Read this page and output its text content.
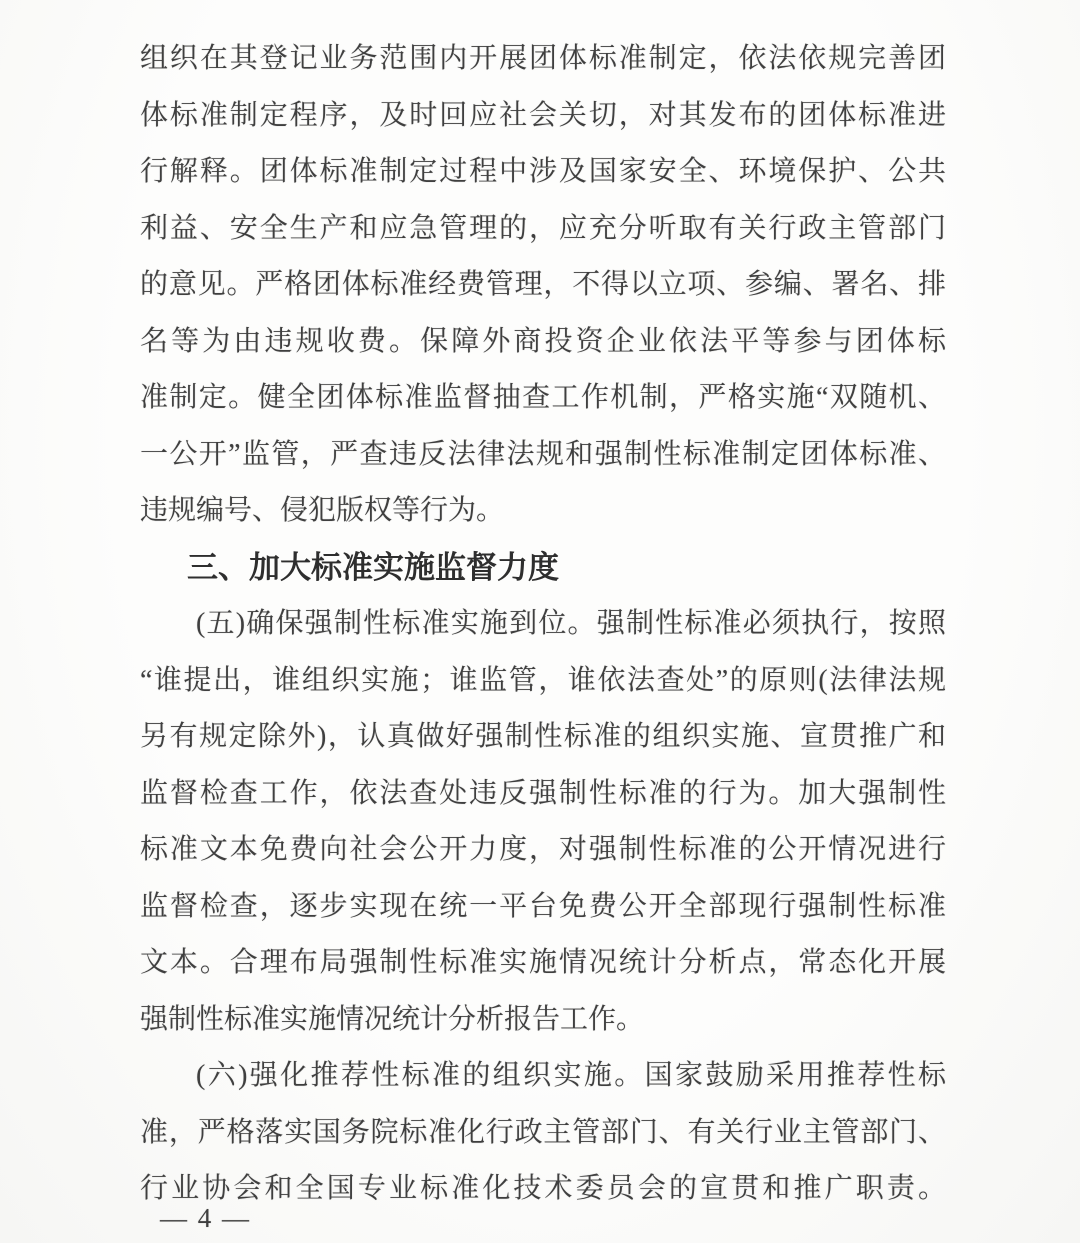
组织在其登记业务范围内开展团体标准制定，依法依规完善团
体标准制定程序，及时回应社会关切，对其发布的团体标准进
行解释。团体标准制定过程中涉及国家安全、环境保护、公共
利益、安全生产和应急管理的，应充分听取有关行政主管部门
的意见。严格团体标准经费管理，不得以立项、参编、署名、排
名等为由违规收费。保障外商投资企业依法平等参与团体标
准制定。健全团体标准监督抽查工作机制，严格实施“双随机、
一公开”监管，严查违反法律法规和强制性标准制定团体标准、
违规编号、侵犯版权等行为。
三、加大标准实施监督力度
(五)确保强制性标准实施到位。强制性标准必须执行，按照
“谁提出，谁组织实施；谁监管，谁依法查处”的原则(法律法规
另有规定除外)，认真做好强制性标准的组织实施、宣贯推广和
监督检查工作，依法查处违反强制性标准的行为。加大强制性
标准文本免费向社会公开力度，对强制性标准的公开情况进行
监督检查，逐步实现在统一平台免费公开全部现行强制性标准
文本。合理布局强制性标准实施情况统计分析点，常态化开展
强制性标准实施情况统计分析报告工作。
(六)强化推荐性标准的组织实施。国家鼓励采用推荐性标
准，严格落实国务院标准化行政主管部门、有关行业主管部门、
行业协会和全国专业标准化技术委员会的宣贯和推广职责。
— 4 —
